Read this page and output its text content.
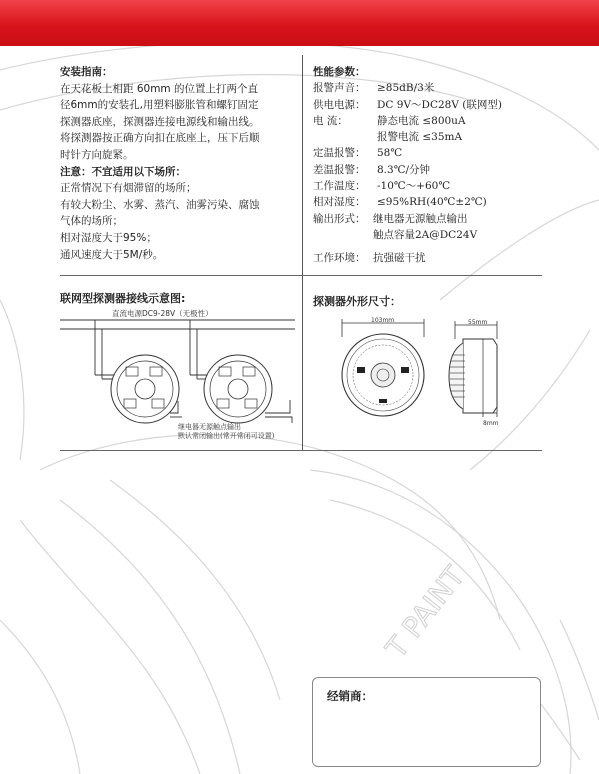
T PAINT
安装指南：
在天花板上相距 60mm 的位置上打两个直
径6mm的安装孔,用塑料膨胀管和螺钉固定
探测器底座，探测器连接电源线和输出线。
将探测器按正确方向扣在底座上，压下后顺
时针方向旋紧。
注意：不宜适用以下场所：
正常情况下有烟滞留的场所；
有较大粉尘、水雾、蒸汽、油雾污染、腐蚀
气体的场所；
相对湿度大于95%；
通风速度大于5M/秒。
性能参数：
报警声音： ≥85dB/3米
供电电源： DC 9V～DC28V (联网型)
电 流：	静态电流 ≤800uA
报警电流 ≤35mA
定温报警： 58℃
差温报警： 8.3℃/分钟
工作温度： -10℃～+60℃
相对湿度： ≤95%RH(40℃±2℃)
输出形式： 继电器无源触点输出
触点容量2A@DC24V
工作环境： 抗强磁干扰
联网型探测器接线示意图:
直流电源DC9-28V（无极性）
继电器无源触点输出
默认常闭输出(常开常闭可设置)
探测器外形尺寸：
103mm	55mm
8mm
经销商：
